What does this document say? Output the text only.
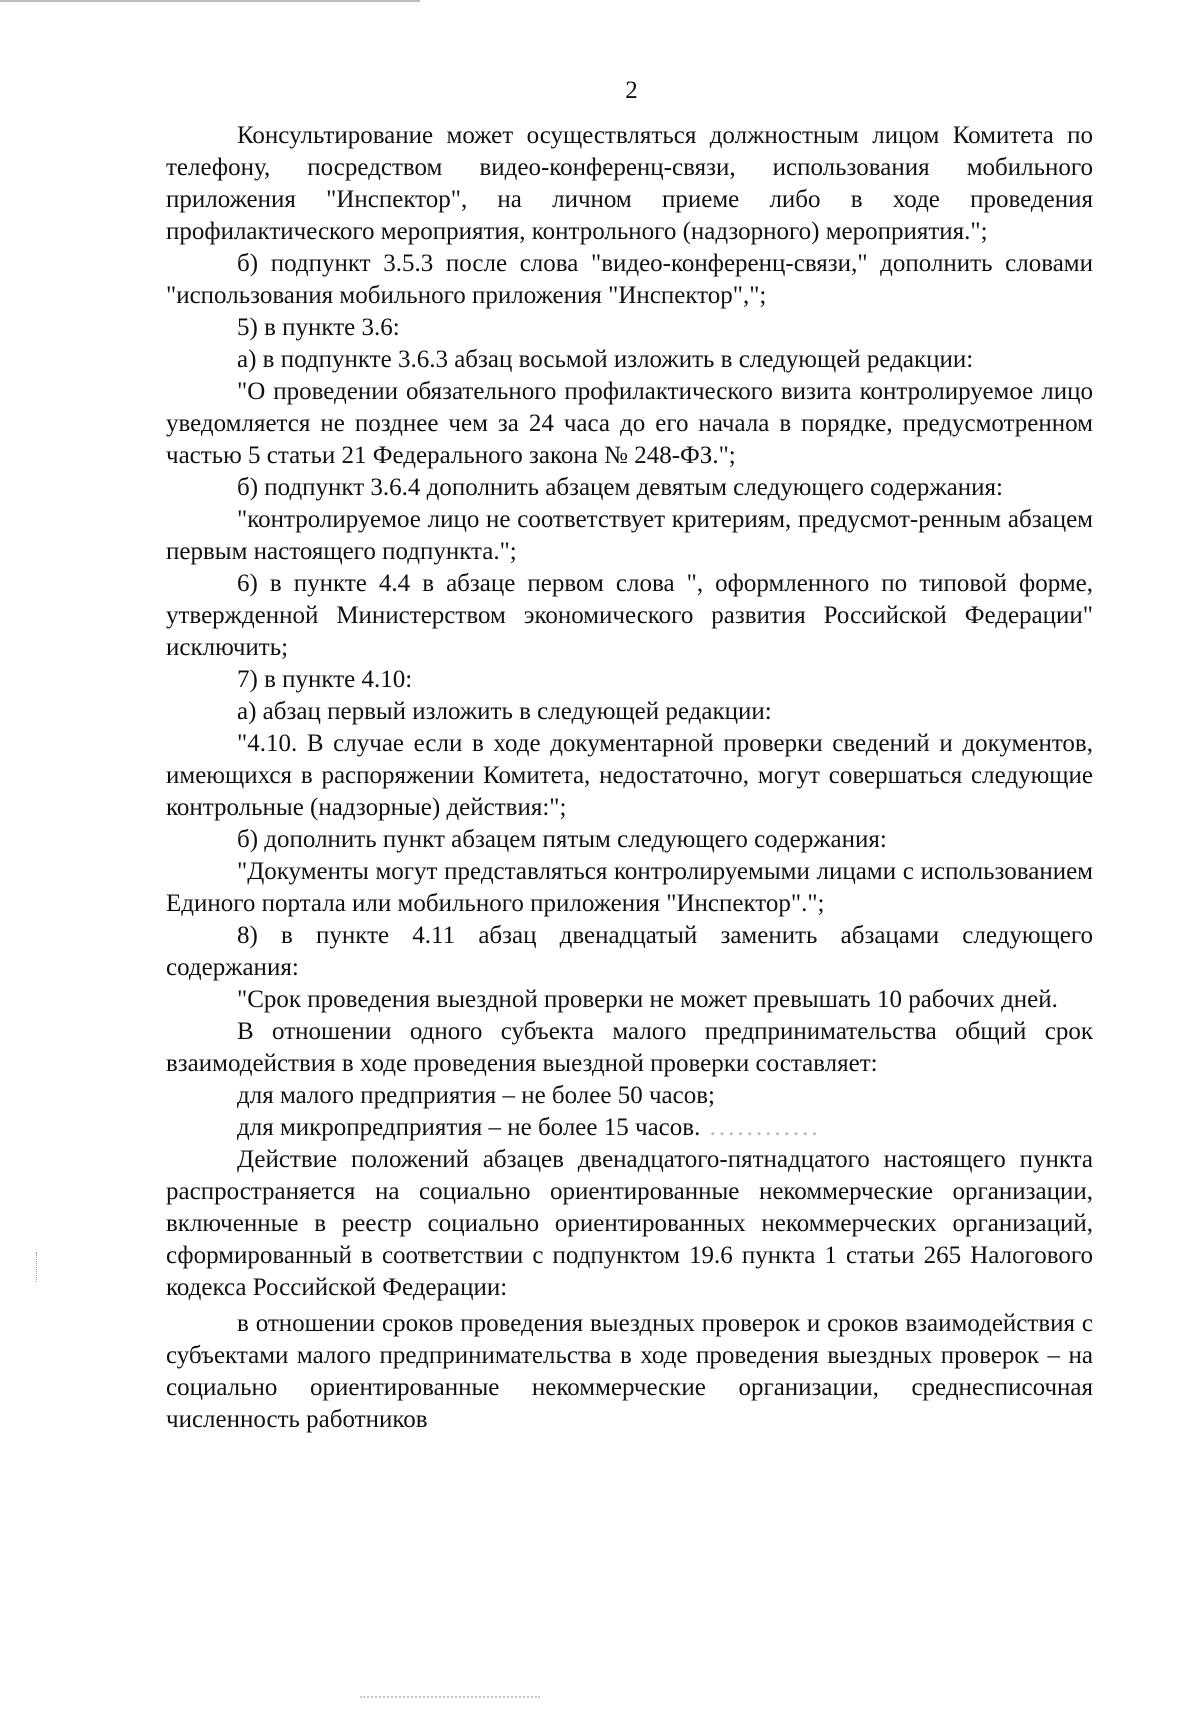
2

Консультирование может осуществляться должностным лицом Комитета по телефону, посредством видео-конференц-связи, использования мобильного приложения "Инспектор", на личном приеме либо в ходе проведения профилактического мероприятия, контрольного (надзорного) мероприятия.";

б) подпункт 3.5.3 после слова "видео-конференц-связи," дополнить словами "использования мобильного приложения "Инспектор",";

5) в пункте 3.6:

а) в подпункте 3.6.3 абзац восьмой изложить в следующей редакции:

"О проведении обязательного профилактического визита контролируемое лицо уведомляется не позднее чем за 24 часа до его начала в порядке, предусмотренном частью 5 статьи 21 Федерального закона № 248-ФЗ.";

б) подпункт 3.6.4 дополнить абзацем девятым следующего содержания:

"контролируемое лицо не соответствует критериям, предусмот-ренным абзацем первым настоящего подпункта.";

6) в пункте 4.4 в абзаце первом слова ", оформленного по типовой форме, утвержденной Министерством экономического развития Российской Федерации" исключить;

7) в пункте 4.10:

а) абзац первый изложить в следующей редакции:

"4.10. В случае если в ходе документарной проверки сведений и документов, имеющихся в распоряжении Комитета, недостаточно, могут совершаться следующие контрольные (надзорные) действия:";

б) дополнить пункт абзацем пятым следующего содержания:

"Документы могут представляться контролируемыми лицами с использованием Единого портала или мобильного приложения "Инспектор".";

8) в пункте 4.11 абзац двенадцатый заменить абзацами следующего содержания:

"Срок проведения выездной проверки не может превышать 10 рабочих дней.

В отношении одного субъекта малого предпринимательства общий срок взаимодействия в ходе проведения выездной проверки составляет:

для малого предприятия – не более 50 часов;

для микропредприятия – не более 15 часов. ............

Действие положений абзацев двенадцатого-пятнадцатого настоящего пункта распространяется на социально ориентированные некоммерческие организации, включенные в реестр социально ориентированных некоммерческих организаций, сформированный в соответствии с подпунктом 19.6 пункта 1 статьи 265 Налогового кодекса Российской Федерации:

в отношении сроков проведения выездных проверок и сроков взаимодействия с субъектами малого предпринимательства в ходе проведения выездных проверок – на социально ориентированные некоммерческие организации, среднесписочная численность работников
